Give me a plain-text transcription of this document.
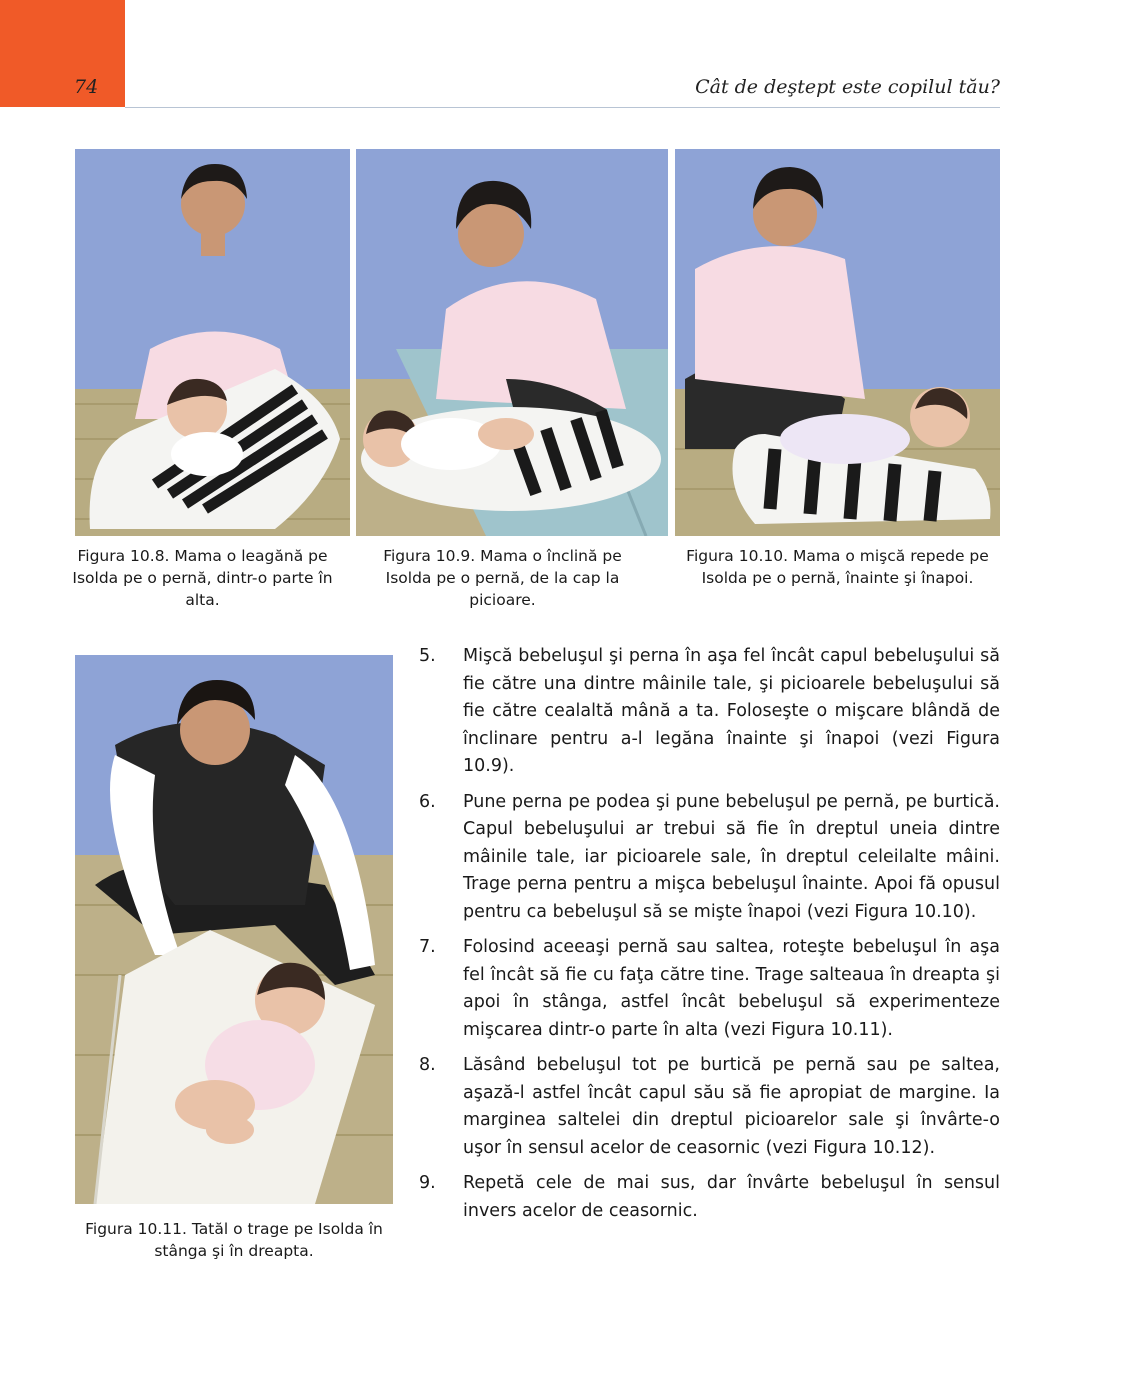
74	Cât de deştept este copilul tău?
Figura 10.8. Mama o leagănă pe Isolda pe o pernă, dintr-o parte în alta.
Figura 10.9. Mama o înclină pe Isolda pe o pernă, de la cap la picioare.
Figura 10.10. Mama o mişcă repede pe Isolda pe o pernă, înainte şi înapoi.
Figura 10.11. Tatăl o trage pe Isolda în stânga şi în dreapta.
5. Mişcă bebeluşul şi perna în aşa fel încât capul bebeluşului să fie către una dintre mâinile tale, şi picioarele bebeluşului să fie către cealaltă mână a ta. Foloseşte o mişcare blândă de înclinare pentru a-l legăna înainte şi înapoi (vezi Figura 10.9).
6. Pune perna pe podea şi pune bebeluşul pe pernă, pe burtică. Capul bebeluşului ar trebui să fie în dreptul uneia dintre mâinile tale, iar picioarele sale, în dreptul celeilalte mâini. Trage perna pentru a mişca bebeluşul înainte. Apoi fă opusul pentru ca bebeluşul să se mişte înapoi (vezi Figura 10.10).
7. Folosind aceeaşi pernă sau saltea, roteşte bebeluşul în aşa fel încât să fie cu faţa către tine. Trage salteaua în dreapta şi apoi în stânga, astfel încât bebeluşul să experimenteze mişcarea dintr-o parte în alta (vezi Figura 10.11).
8. Lăsând bebeluşul tot pe burtică pe pernă sau pe saltea, aşază-l astfel încât capul său să fie apropiat de margine. Ia marginea saltelei din dreptul picioarelor sale şi învârte-o uşor în sensul acelor de ceasornic (vezi Figura 10.12).
9. Repetă cele de mai sus, dar învârte bebeluşul în sensul invers acelor de ceasornic.
